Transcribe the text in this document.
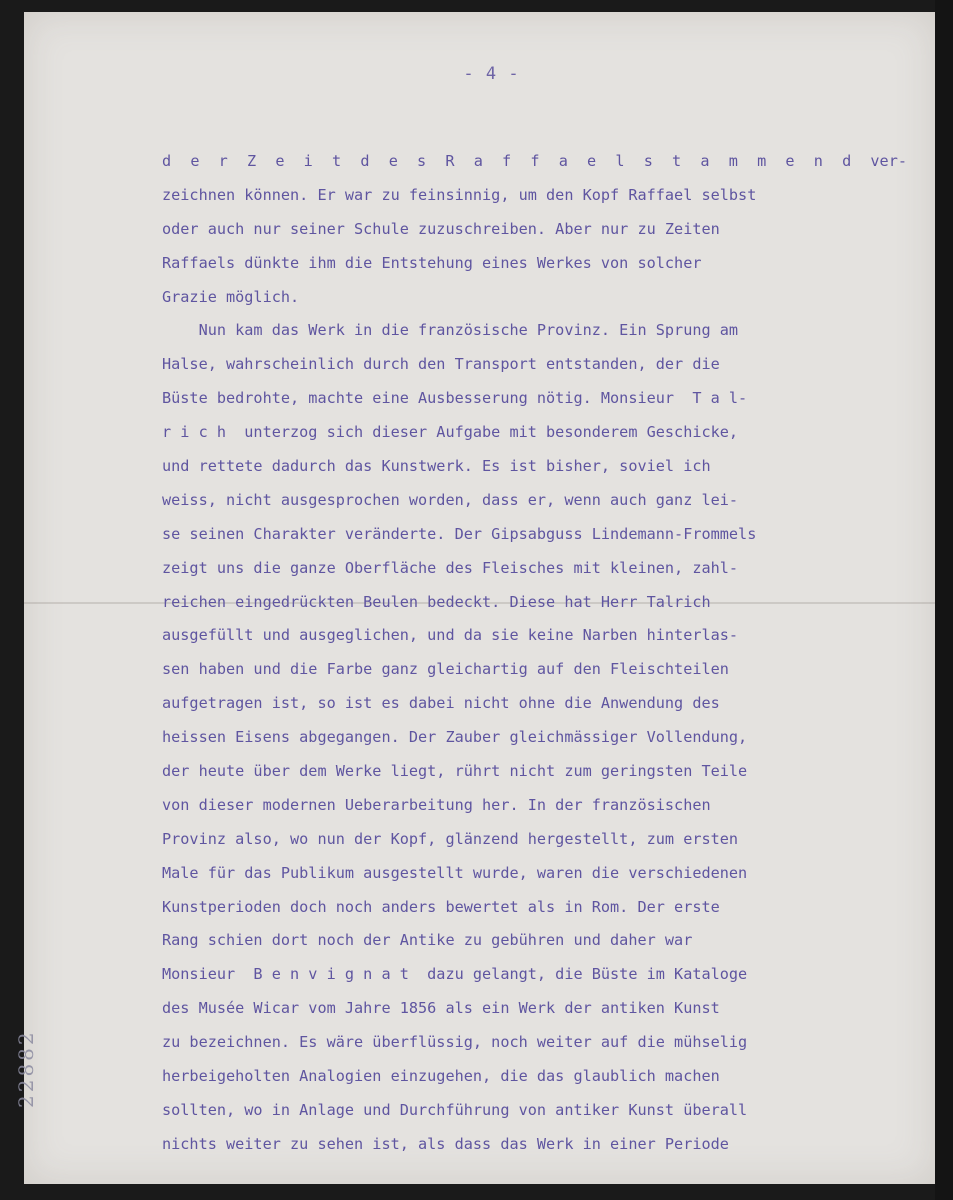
- 4 -
d e r Z e i t d e s R a f f a e l s t a m m e n d ver-
zeichnen können. Er war zu feinsinnig, um den Kopf Raffael selbst
oder auch nur seiner Schule zuzuschreiben. Aber nur zu Zeiten
Raffaels dünkte ihm die Entstehung eines Werkes von solcher
Grazie möglich.
Nun kam das Werk in die französische Provinz. Ein Sprung am
Halse, wahrscheinlich durch den Transport entstanden, der die
Büste bedrohte, machte eine Ausbesserung nötig. Monsieur  T a l-
r i c h  unterzog sich dieser Aufgabe mit besonderem Geschicke,
und rettete dadurch das Kunstwerk. Es ist bisher, soviel ich
weiss, nicht ausgesprochen worden, dass er, wenn auch ganz lei-
se seinen Charakter veränderte. Der Gipsabguss Lindemann-Frommels
zeigt uns die ganze Oberfläche des Fleisches mit kleinen, zahl-
reichen eingedrückten Beulen bedeckt. Diese hat Herr Talrich
ausgefüllt und ausgeglichen, und da sie keine Narben hinterlas-
sen haben und die Farbe ganz gleichartig auf den Fleischteilen
aufgetragen ist, so ist es dabei nicht ohne die Anwendung des
heissen Eisens abgegangen. Der Zauber gleichmässiger Vollendung,
der heute über dem Werke liegt, rührt nicht zum geringsten Teile
von dieser modernen Ueberarbeitung her. In der französischen
Provinz also, wo nun der Kopf, glänzend hergestellt, zum ersten
Male für das Publikum ausgestellt wurde, waren die verschiedenen
Kunstperioden doch noch anders bewertet als in Rom. Der erste
Rang schien dort noch der Antike zu gebühren und daher war
Monsieur  B e n v i g n a t  dazu gelangt, die Büste im Kataloge
des Musée Wicar vom Jahre 1856 als ein Werk der antiken Kunst
zu bezeichnen. Es wäre überflüssig, noch weiter auf die mühselig
herbeigeholten Analogien einzugehen, die das glaublich machen
sollten, wo in Anlage und Durchführung von antiker Kunst überall
nichts weiter zu sehen ist, als dass das Werk in einer Periode
22882
